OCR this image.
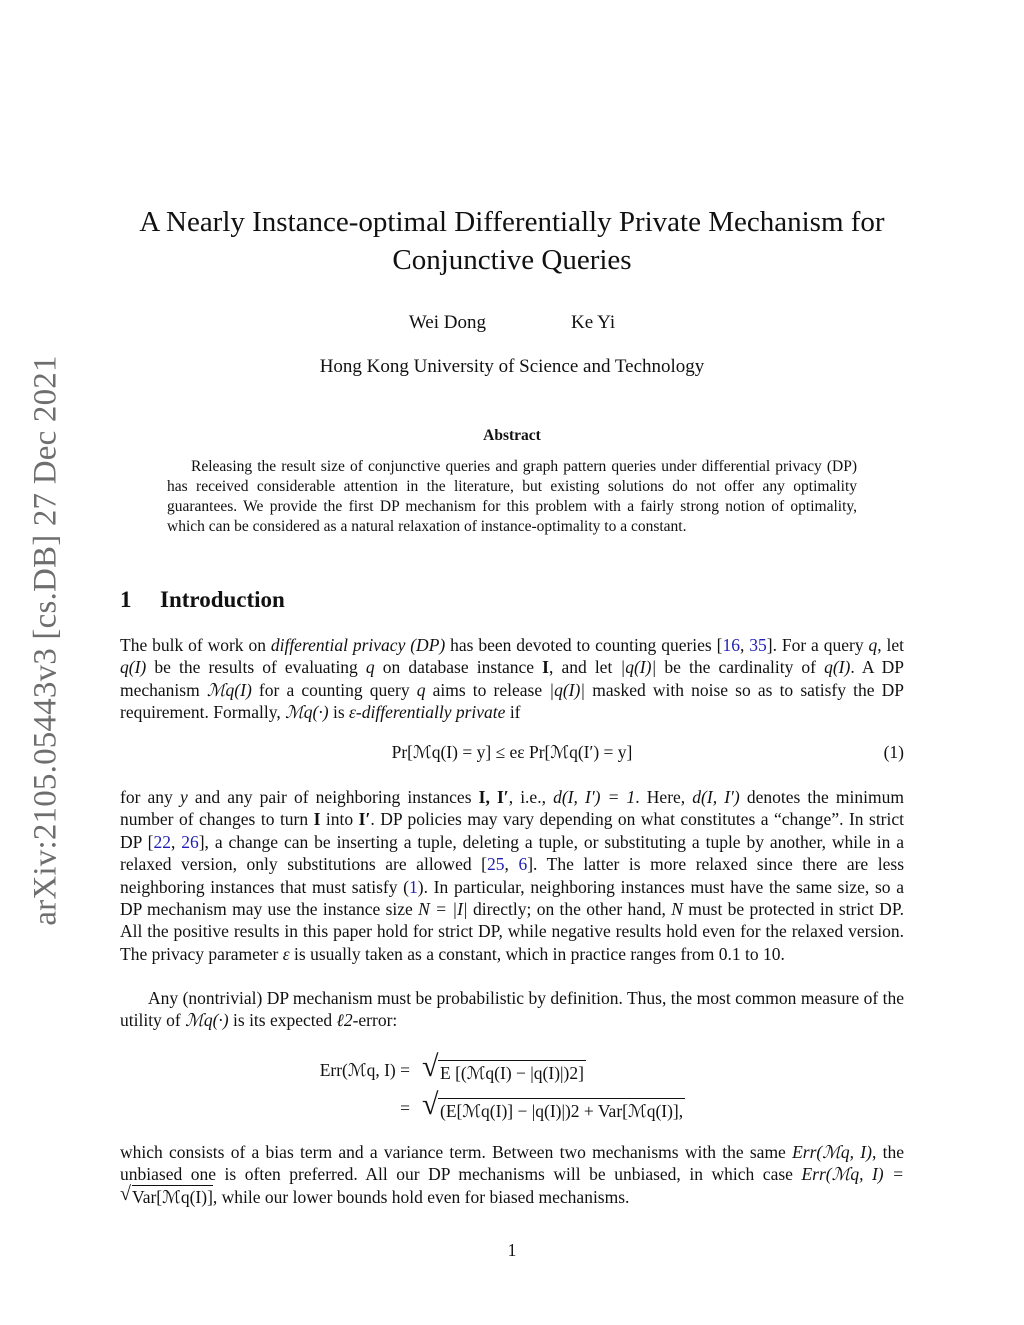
arXiv:2105.05443v3 [cs.DB] 27 Dec 2021
A Nearly Instance-optimal Differentially Private Mechanism for
Conjunctive Queries
Wei Dong	Ke Yi
Hong Kong University of Science and Technology
Abstract
Releasing the result size of conjunctive queries and graph pattern queries under differential privacy (DP) has received considerable attention in the literature, but existing solutions do not offer any optimality guarantees. We provide the first DP mechanism for this problem with a fairly strong notion of optimality, which can be considered as a natural relaxation of instance-optimality to a constant.
1 Introduction
The bulk of work on differential privacy (DP) has been devoted to counting queries [16, 35]. For a query q, let q(I) be the results of evaluating q on database instance I, and let |q(I)| be the cardinality of q(I). A DP mechanism ℳq(I) for a counting query q aims to release |q(I)| masked with noise so as to satisfy the DP requirement. Formally, ℳq(·) is ε-differentially private if
Pr[ℳq(I) = y] ≤ eε Pr[ℳq(I′) = y]	(1)
for any y and any pair of neighboring instances I, I′, i.e., d(I, I′) = 1. Here, d(I, I′) denotes the minimum number of changes to turn I into I′. DP policies may vary depending on what constitutes a “change”. In strict DP [22, 26], a change can be inserting a tuple, deleting a tuple, or substituting a tuple by another, while in a relaxed version, only substitutions are allowed [25, 6]. The latter is more relaxed since there are less neighboring instances that must satisfy (1). In particular, neighboring instances must have the same size, so a DP mechanism may use the instance size N = |I| directly; on the other hand, N must be protected in strict DP. All the positive results in this paper hold for strict DP, while negative results hold even for the relaxed version. The privacy parameter ε is usually taken as a constant, which in practice ranges from 0.1 to 10.
Any (nontrivial) DP mechanism must be probabilistic by definition. Thus, the most common measure of the utility of ℳq(·) is its expected ℓ2-error:
Err(ℳq, I) =	√ E [(ℳq(I) − |q(I)|)2]
=	√ (E[ℳq(I)] − |q(I)|)2 + Var[ℳq(I)],
which consists of a bias term and a variance term. Between two mechanisms with the same Err(ℳq, I), the unbiased one is often preferred. All our DP mechanisms will be unbiased, in which case Err(ℳq, I) = √ Var[ℳq(I)], while our lower bounds hold even for biased mechanisms.
1
